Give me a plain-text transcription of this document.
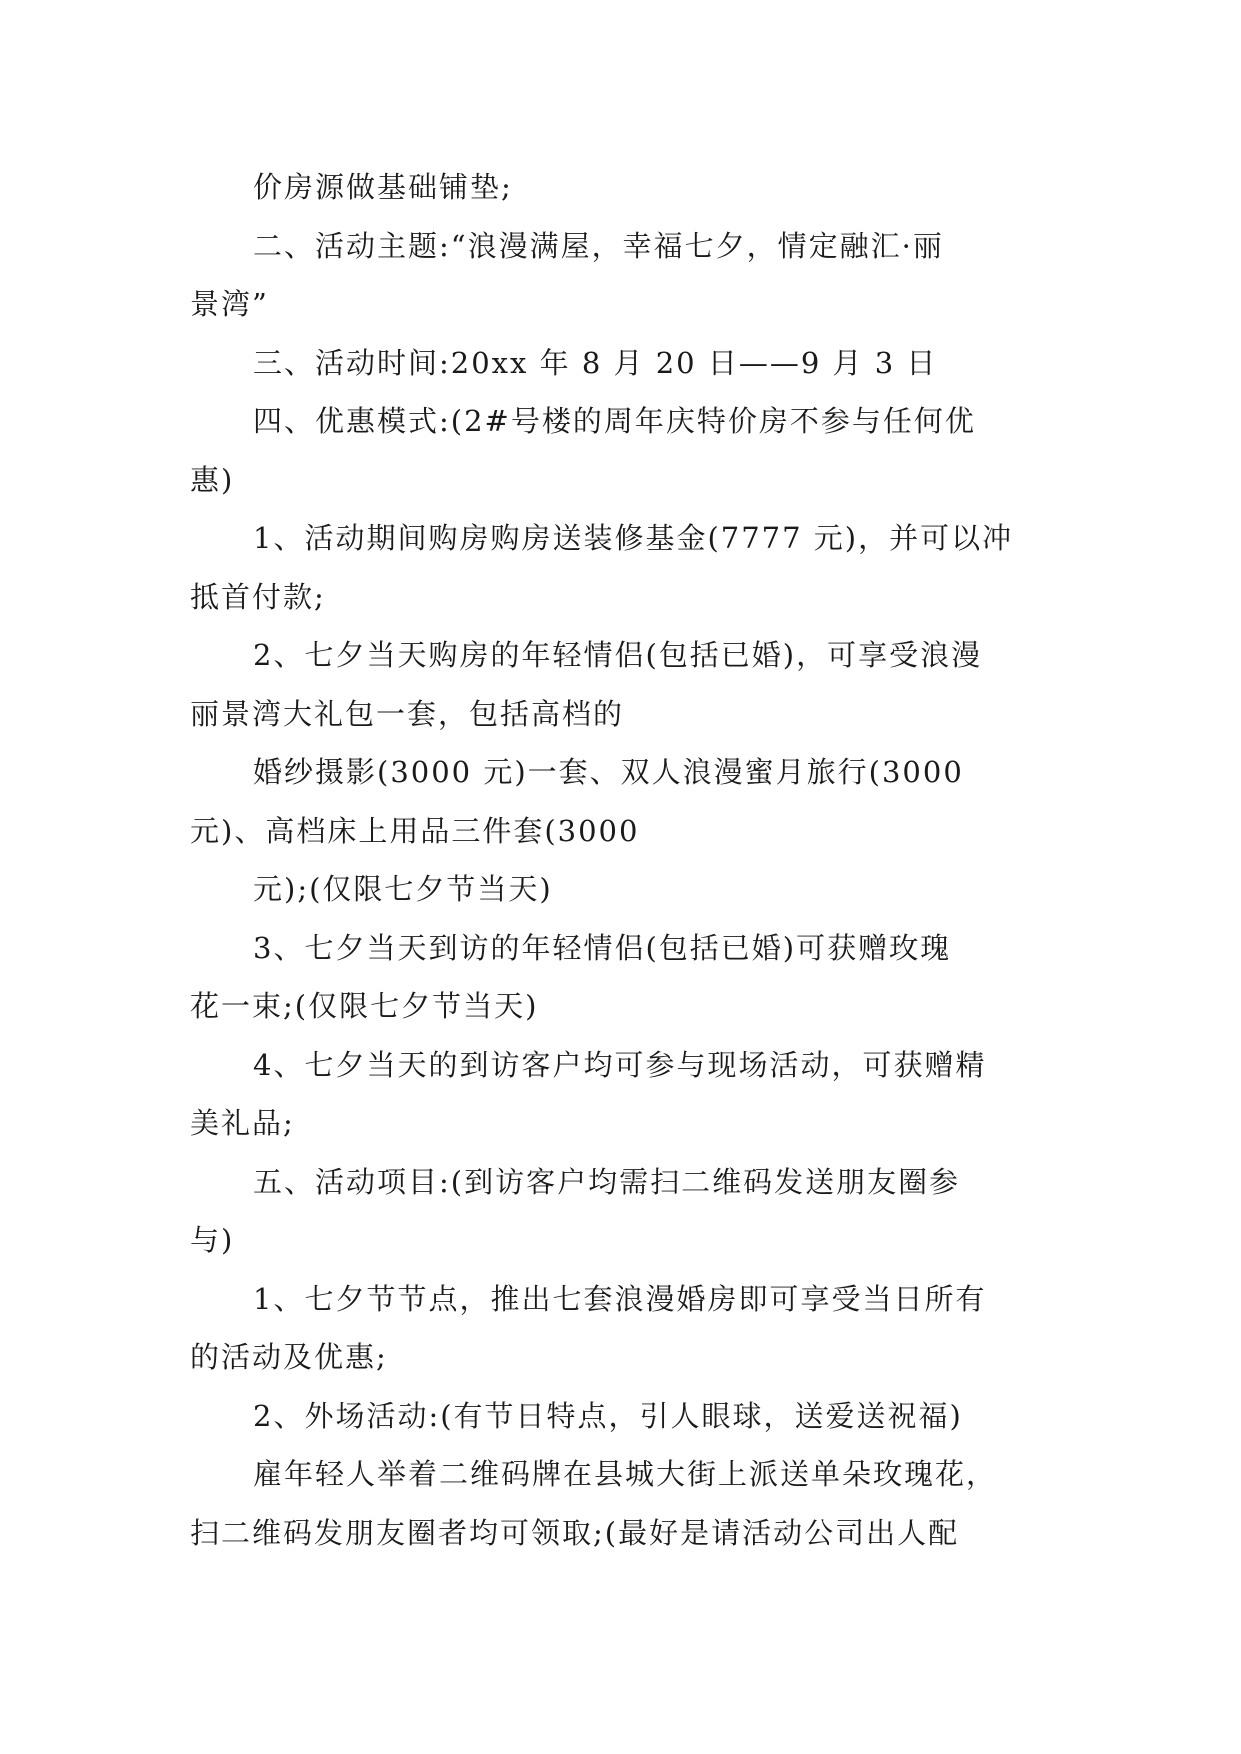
价房源做基础铺垫;
二、活动主题:“浪漫满屋，幸福七夕，情定融汇·丽
景湾”
三、活动时间:20xx 年 8 月 20 日——9 月 3 日
四、优惠模式:(2#号楼的周年庆特价房不参与任何优
惠)
1、活动期间购房购房送装修基金(7777 元)，并可以冲
抵首付款;
2、七夕当天购房的年轻情侣(包括已婚)，可享受浪漫
丽景湾大礼包一套，包括高档的
婚纱摄影(3000 元)一套、双人浪漫蜜月旅行(3000
元)、高档床上用品三件套(3000
元);(仅限七夕节当天)
3、七夕当天到访的年轻情侣(包括已婚)可获赠玫瑰
花一束;(仅限七夕节当天)
4、七夕当天的到访客户均可参与现场活动，可获赠精
美礼品;
五、活动项目:(到访客户均需扫二维码发送朋友圈参
与)
1、七夕节节点，推出七套浪漫婚房即可享受当日所有
的活动及优惠;
2、外场活动:(有节日特点，引人眼球，送爱送祝福)
雇年轻人举着二维码牌在县城大街上派送单朵玫瑰花，
扫二维码发朋友圈者均可领取;(最好是请活动公司出人配
